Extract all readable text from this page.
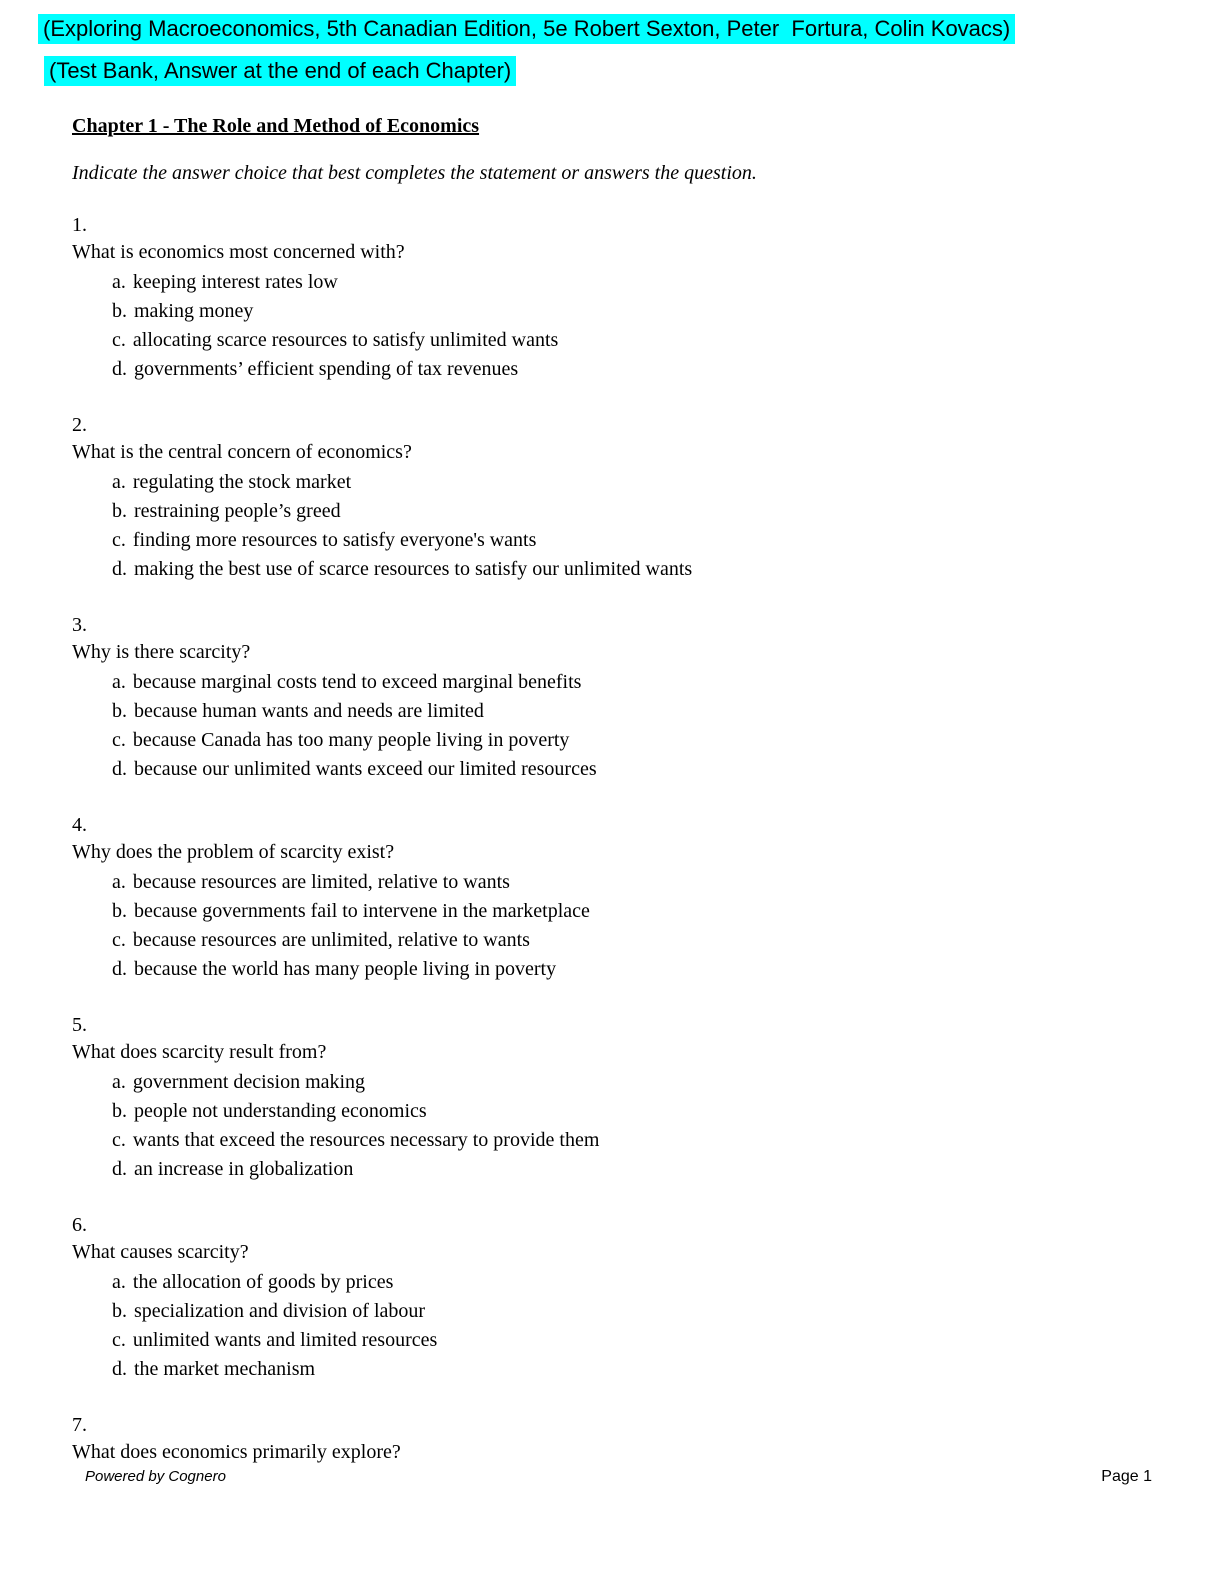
(Exploring Macroeconomics, 5th Canadian Edition, 5e Robert Sexton, Peter  Fortura, Colin Kovacs)
(Test Bank, Answer at the end of each Chapter)
Chapter 1 - The Role and Method of Economics
Indicate the answer choice that best completes the statement or answers the question.
1.
What is economics most concerned with?
a. keeping interest rates low
b. making money
c. allocating scarce resources to satisfy unlimited wants
d. governments’ efficient spending of tax revenues
2.
What is the central concern of economics?
a. regulating the stock market
b. restraining people’s greed
c. finding more resources to satisfy everyone's wants
d. making the best use of scarce resources to satisfy our unlimited wants
3.
Why is there scarcity?
a. because marginal costs tend to exceed marginal benefits
b. because human wants and needs are limited
c. because Canada has too many people living in poverty
d. because our unlimited wants exceed our limited resources
4.
Why does the problem of scarcity exist?
a. because resources are limited, relative to wants
b. because governments fail to intervene in the marketplace
c. because resources are unlimited, relative to wants
d. because the world has many people living in poverty
5.
What does scarcity result from?
a. government decision making
b. people not understanding economics
c. wants that exceed the resources necessary to provide them
d. an increase in globalization
6.
What causes scarcity?
a. the allocation of goods by prices
b. specialization and division of labour
c. unlimited wants and limited resources
d. the market mechanism
7.
What does economics primarily explore?
Powered by Cognero	Page 1
